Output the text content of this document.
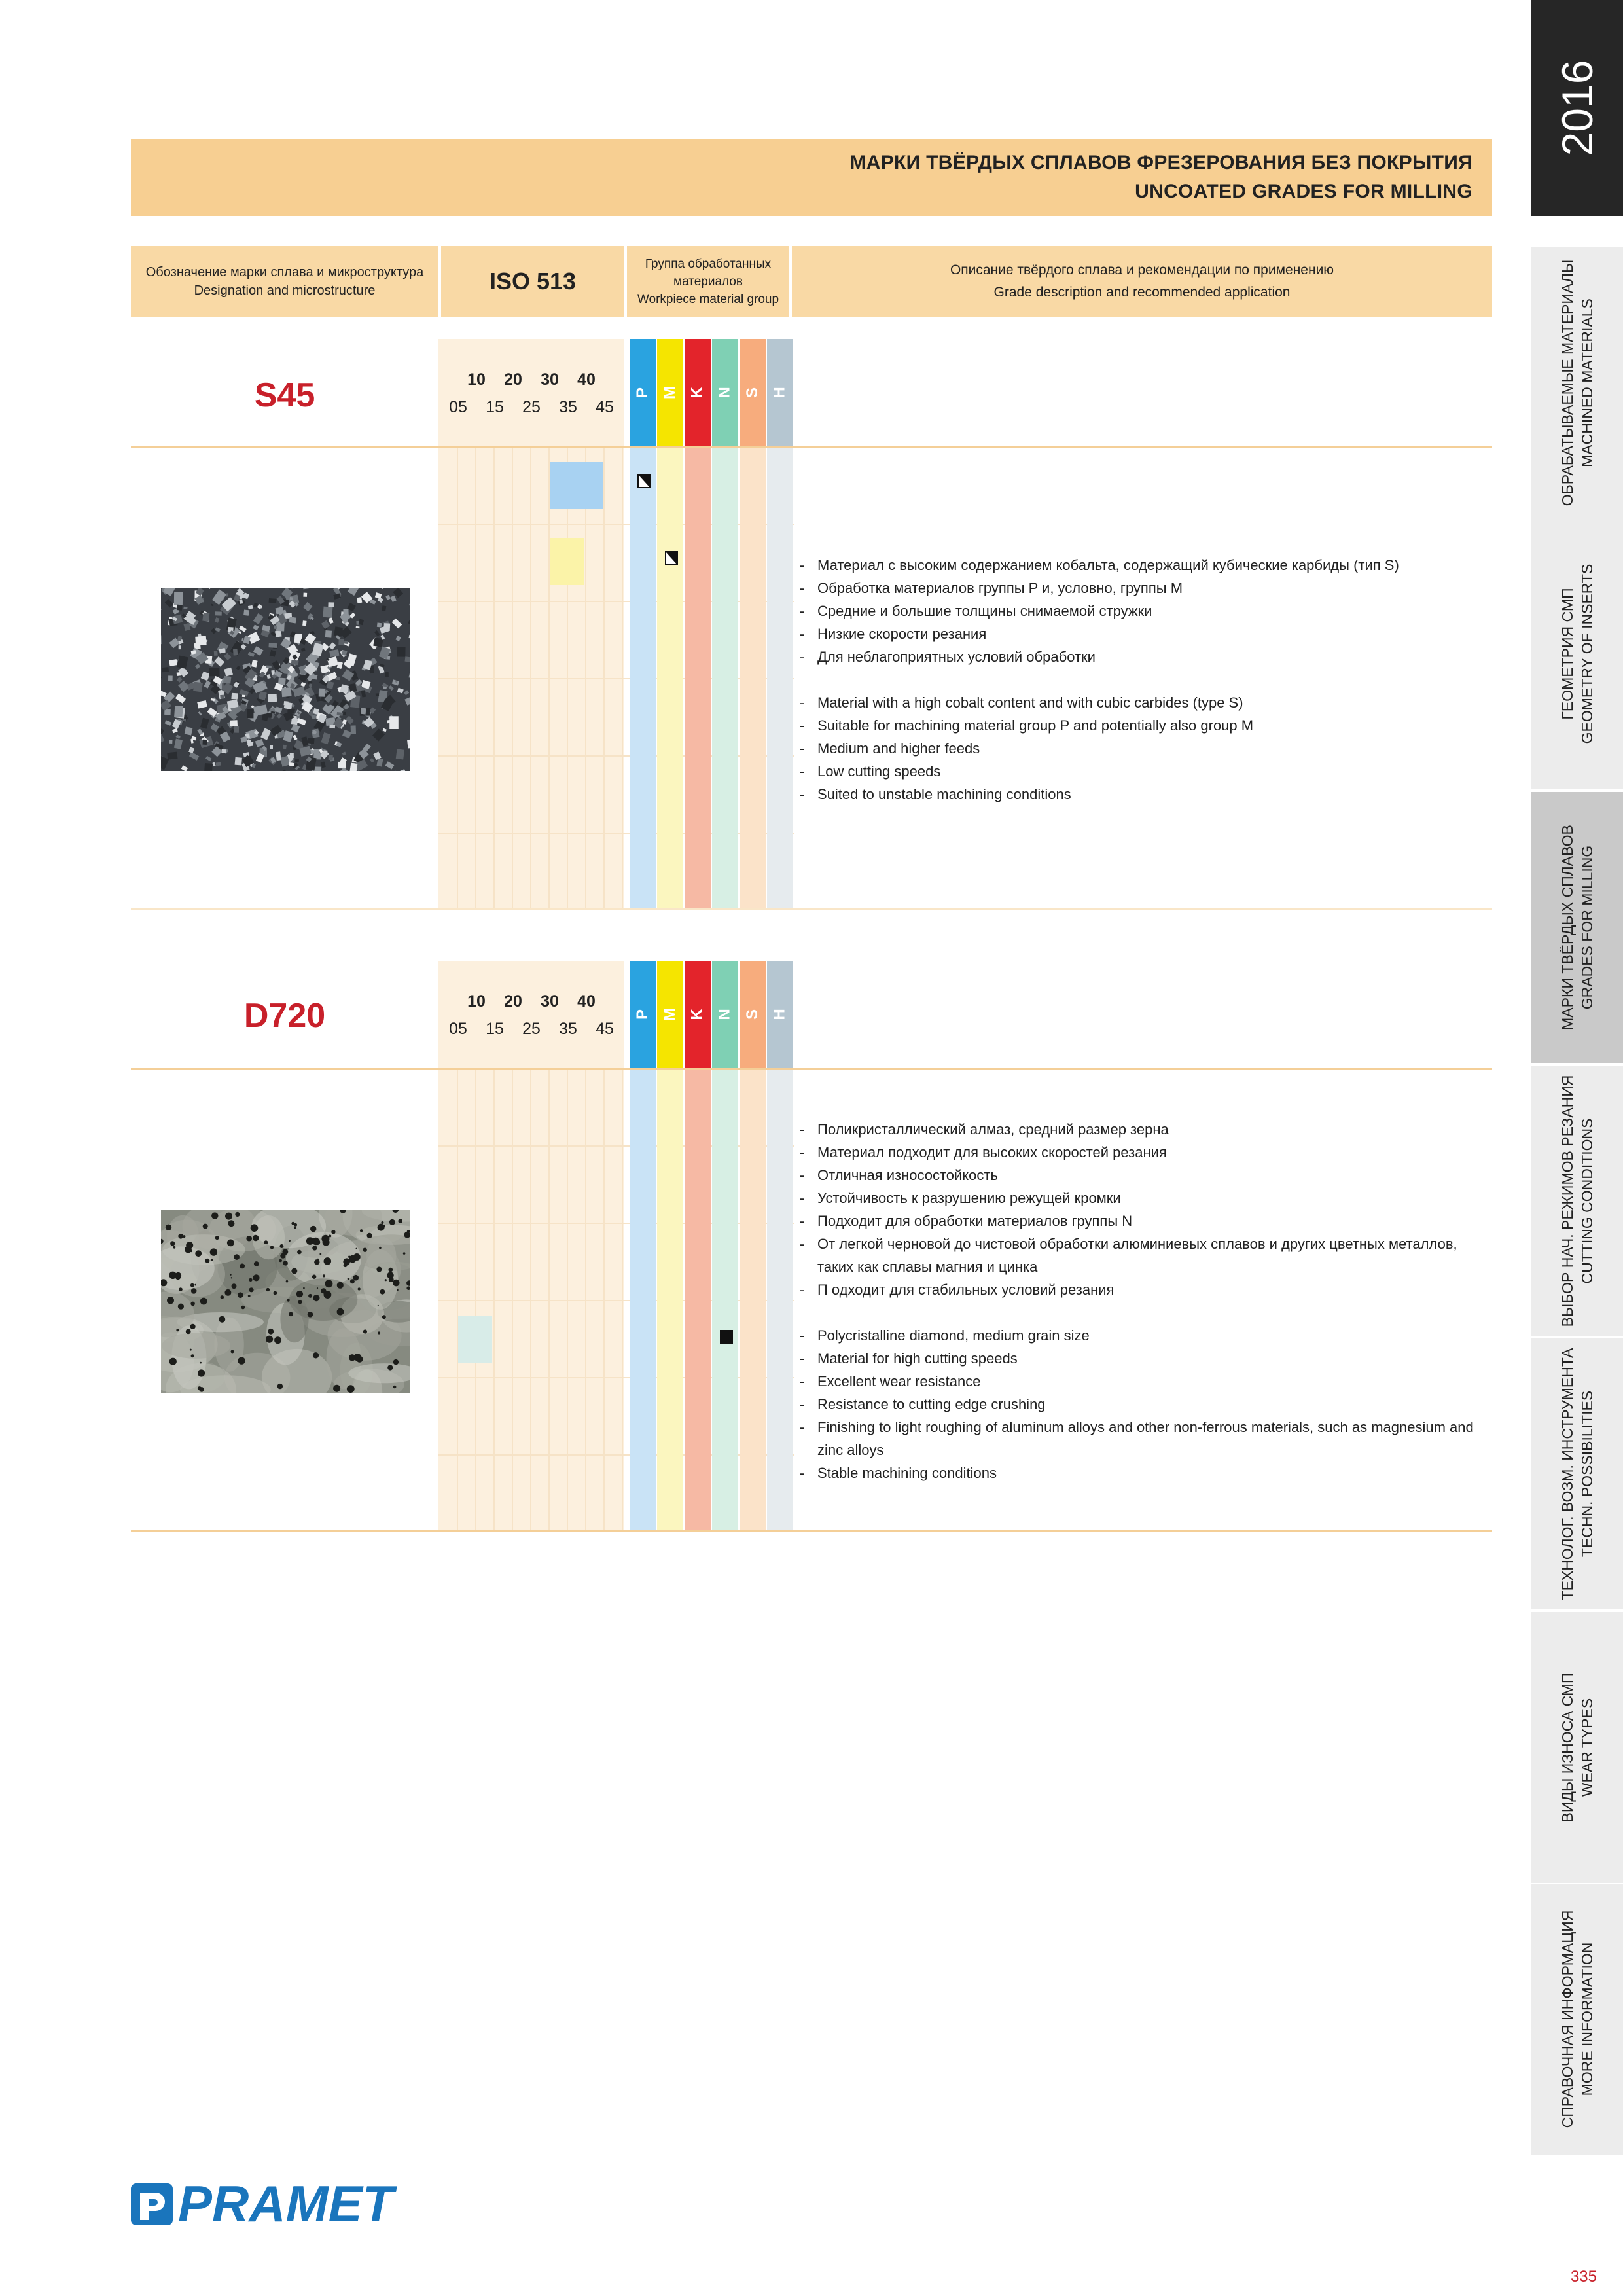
2016
ОБРАБАТЫВАЕМЫЕ МАТЕРИАЛЫ MACHINED MATERIALS
ГЕОМЕТРИЯ СМП GEOMETRY OF INSERTS
МАРКИ ТВЁРДЫХ СПЛАВОВ GRADES FOR MILLING
ВЫБОР НАЧ. РЕЖИМОВ РЕЗАНИЯ CUTTING CONDITIONS
ТЕХНОЛОГ. ВОЗМ. ИНСТРУМЕНТА TECHN. POSSIBILITIES
ВИДЫ ИЗНОСА СМП WEAR TYPES
СПРАВОЧНАЯ ИНФОРМАЦИЯ MORE INFORMATION
МАРКИ ТВЁРДЫХ СПЛАВОВ ФРЕЗЕРОВАНИЯ БЕЗ ПОКРЫТИЯ
UNCOATED GRADES FOR MILLING
Обозначение марки сплава и микроструктура
Designation and microstructure	ISO 513
Группа обработанных
материалов
Workpiece material group
Описание твёрдого сплава и рекомендации по применению
Grade description and recommended application
10 20 30 40
05 15 25 35 45
P M K N S H
S45
- Материал с высоким содержанием кобальта, содержащий кубические карбиды (тип S)
- Обработка материалов группы P и, условно, группы M
- Средние и большие толщины снимаемой стружки
- Низкие скорости резания
- Для неблагоприятных условий обработки
- Material with a high cobalt content and with cubic carbides (type S)
- Suitable for machining material group P and potentially also group M
- Medium and higher feeds
- Low cutting speeds
- Suited to unstable machining conditions
10 20 30 40
05 15 25 35 45
P M K N S H
D720
- Поликристаллический алмаз, средний размер зерна
- Материал подходит для высоких скоростей резания
- Отличная износостойкость
- Устойчивость к разрушению режущей кромки
- Подходит для обработки материалов группы N
- От легкой черновой до чистовой обработки алюминиевых сплавов и других цветных металлов, таких как сплавы магния и цинка
- П одходит для стабильных условий резания
- Polycristalline diamond, medium grain size
- Material for high cutting speeds
- Excellent wear resistance
- Resistance to cutting edge crushing
- Finishing to light roughing of aluminum alloys and other non-ferrous materials, such as magnesium and zinc alloys
- Stable machining conditions
PRAMET
335
